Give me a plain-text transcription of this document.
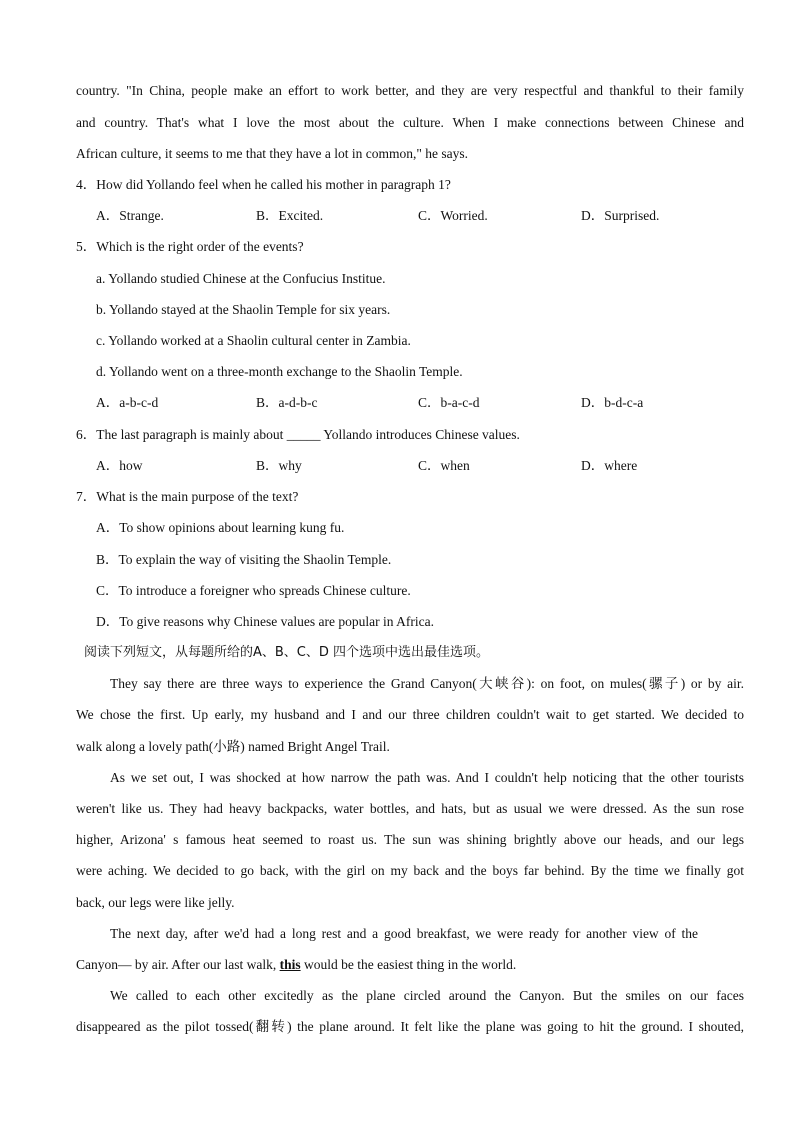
country. "In China, people make an effort to work better, and they are very respectful and thankful to their family
and country. That's what I love the most about the culture. When I make connections between Chinese and
African culture, it seems to me that they have a lot in common," he says.
4．How did Yollando feel when he called his mother in paragraph 1?
A．Strange.	B．Excited.	C．Worried.	D．Surprised.
5．Which is the right order of the events?
a. Yollando studied Chinese at the Confucius Institue.
b. Yollando stayed at the Shaolin Temple for six years.
c. Yollando worked at a Shaolin cultural center in Zambia.
d. Yollando went on a three-month exchange to the Shaolin Temple.
A．a-b-c-d	B．a-d-b-c	C．b-a-c-d	D．b-d-c-a
6．The last paragraph is mainly about _____ Yollando introduces Chinese values.
A．how	B．why	C．when	D．where
7．What is the main purpose of the text?
A．To show opinions about learning kung fu.
B．To explain the way of visiting the Shaolin Temple.
C．To introduce a foreigner who spreads Chinese culture.
D．To give reasons why Chinese values are popular in Africa.
阅读下列短文，从每题所给的A、B、C、D 四个选项中选出最佳选项。
They say there are three ways to experience the Grand Canyon(大峡谷): on foot, on mules(骡子) or by air.
We chose the first. Up early, my husband and I and our three children couldn't wait to get started. We decided to
walk along a lovely path(小路) named Bright Angel Trail.
As we set out, I was shocked at how narrow the path was. And I couldn't help noticing that the other tourists
weren't like us. They had heavy backpacks, water bottles, and hats, but as usual we were dressed. As the sun rose
higher, Arizona' s famous heat seemed to roast us. The sun was shining brightly above our heads, and our legs
were aching. We decided to go back, with the girl on my back and the boys far behind. By the time we finally got
back, our legs were like jelly.
The next day, after we'd had a long rest and a good breakfast, we were ready for another view of the
Canyon— by air. After our last walk, this would be the easiest thing in the world.
We called to each other excitedly as the plane circled around the Canyon. But the smiles on our faces
disappeared as the pilot tossed(翻转) the plane around. It felt like the plane was going to hit the ground. I shouted,
